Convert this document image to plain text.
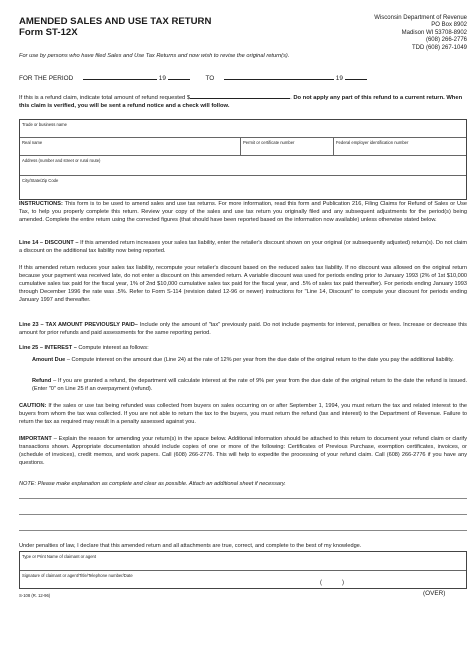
AMENDED SALES AND USE TAX RETURN
Form ST-12X
Wisconsin Department of Revenue
PO Box 8902
Madison WI 53708-8902
(608) 266-2776
TDD (608) 267-1049
For use by persons who have filed Sales and Use Tax Returns and now wish to revise the original return(s).
FOR THE PERIOD	19	TO	19
If this is a refund claim, indicate total amount of refund requested $	. Do not apply any part of this refund to a current return. When this claim is verified, you will be sent a refund notice and a check will follow.
Trade or business name
Real name	Permit or certificate number	Federal employer identification number
Address (number and street or rural route)
City/State/Zip Code
INSTRUCTIONS: This form is to be used to amend sales and use tax returns. For more information, read this form and Publication 216, Filing Claims for Refund of Sales or Use Tax, to help you properly complete this return. Review your copy of the sales and use tax return you originally filed and any subsequent adjustments for the period(s) being amended. Complete the entire return using the corrected figures (that should have been reported based on the information now available) unless otherwise stated below.
Line 14 – DISCOUNT – If this amended return increases your sales tax liability, enter the retailer's discount shown on your original (or subsequently adjusted) return(s). Do not claim a discount on the additional tax liability now being reported.
If this amended return reduces your sales tax liability, recompute your retailer's discount based on the reduced sales tax liability. If no discount was allowed on the original return because your payment was received late, do not enter a discount on this amended return. A variable discount was used for periods ending prior to January 1993 (2% of 1st $10,000 cumulative sales tax paid for the fiscal year, 1% of 2nd $10,000 cumulative sales tax paid for the fiscal year, and .5% of sales tax paid thereafter). For periods ending January 1993 through December 1996 the rate was .5%. Refer to Form S-114 (revision dated 12-96 or newer) instructions for "Line 14, Discount" to compute your discount for periods ending January 1997 and thereafter.
Line 23 – TAX AMOUNT PREVIOUSLY PAID– Include only the amount of "tax" previously paid. Do not include payments for interest, penalties or fees. Increase or decrease this amount for prior refunds and paid assessments for the same reporting period.
Line 25 – INTEREST – Compute interest as follows:
Amount Due – Compute interest on the amount due (Line 24) at the rate of 12% per year from the due date of the original return to the date you pay the additional liability.
Refund – If you are granted a refund, the department will calculate interest at the rate of 9% per year from the due date of the original return to the date the refund is issued. (Enter "0" on Line 25 if an overpayment (refund).
CAUTION: If the sales or use tax being refunded was collected from buyers on sales occurring on or after September 1, 1994, you must return the tax and related interest to the buyers from whom the tax was collected. If you are not able to return the tax to the buyers, you must return the refund (tax and interest) to the Department of Revenue. Failure to return the tax as required may result in a penalty assessed against you.
IMPORTANT – Explain the reason for amending your return(s) in the space below. Additional information should be attached to this return to document your refund claim or clarify transactions shown. Appropriate documentation should include copies of one or more of the following: Certificates of Previous Purchase, exemption certificates, invoices, or (schedule of invoices), credit memos, and work papers. Call (608) 266-2776. This will help to expedite the processing of your refund claim. Call (608) 266-2776 if you have any questions.
NOTE: Please make explanation as complete and clear as possible. Attach an additional sheet if necessary.
Under penalties of law, I declare that this amended return and all attachments are true, correct, and complete to the best of my knowledge.
Type or Print Name of claimant or agent
Signature of claimant or agent/Title/Telephone number/Date
(	)
S-108 (R. 12-96)	(OVER)
